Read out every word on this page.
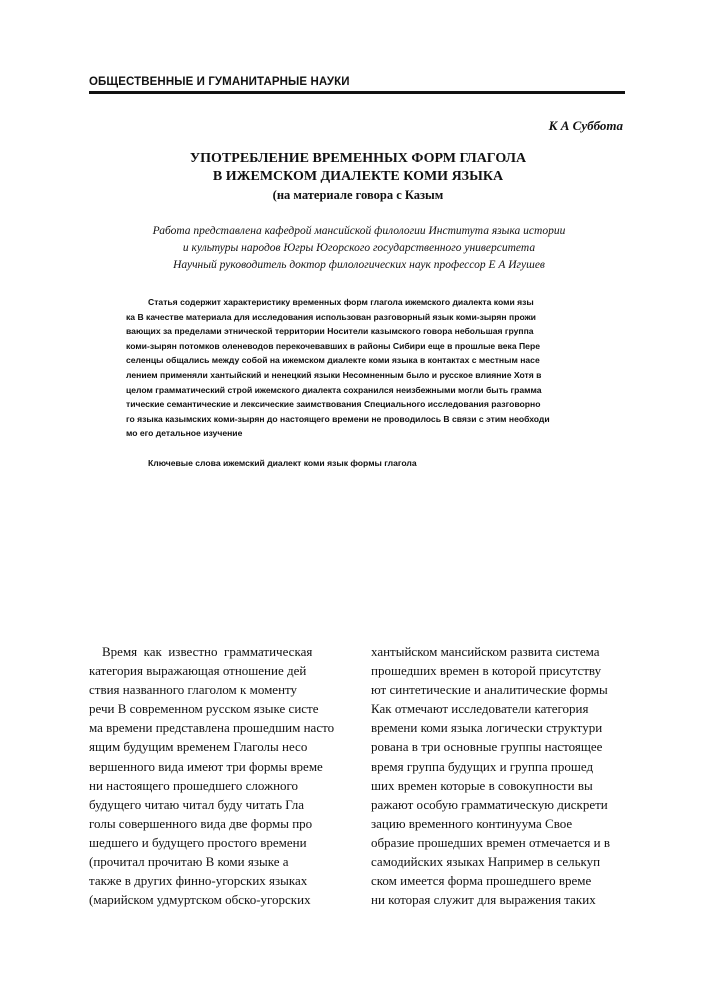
ОБЩЕСТВЕННЫЕ И ГУМАНИТАРНЫЕ НАУКИ
К А Суббота
УПОТРЕБЛЕНИЕ ВРЕМЕННЫХ ФОРМ ГЛАГОЛА
В ИЖЕМСКОМ ДИАЛЕКТЕ КОМИ ЯЗЫКА
(на материале говора с Казым
Работа представлена кафедрой мансийской филологии Института языка истории
и культуры народов Югры Югорского государственного университета
Научный руководитель доктор филологических наук профессор Е А Игушев
Статья содержит характеристику временных форм глагола ижемского диалекта коми язы
ка В качестве материала для исследования использован разговорный язык коми-зырян прожи
вающих за пределами этнической территории Носители казымского говора небольшая группа
коми-зырян потомков оленеводов перекочевавших в районы Сибири еще в прошлые века Пере
селенцы общались между собой на ижемском диалекте коми языка в контактах с местным насе
лением применяли хантыйский и ненецкий языки Несомненным было и русское влияние Хотя в
целом грамматический строй ижемского диалекта сохранился неизбежными могли быть грамма
тические семантические и лексические заимствования Специального исследования разговорно
го языка казымских коми-зырян до настоящего времени не проводилось В связи с этим необходи
мо его детальное изучение
Ключевые слова ижемский диалект коми язык формы глагола
Время  как  известно  грамматическая
категория выражающая отношение дей
ствия названного глаголом к моменту
речи В современном русском языке систе
ма времени представлена прошедшим насто
ящим будущим временем Глаголы несо
вершенного вида имеют три формы време
ни настоящего прошедшего сложного
будущего читаю читал буду читать Гла
голы совершенного вида две формы про
шедшего и будущего простого времени
(прочитал прочитаю В коми языке а
также в других финно-угорских языках
(марийском удмуртском обско-угорских
хантыйском мансийском развита система
прошедших времен в которой присутству
ют синтетические и аналитические формы
Как отмечают исследователи категория
времени коми языка логически структури
рована в три основные группы настоящее
время группа будущих и группа прошед
ших времен которые в совокупности вы
ражают особую грамматическую дискрети
зацию временного континуума Свое
образие прошедших времен отмечается и в
самодийских языках Например в селькуп
ском имеется форма прошедшего време
ни которая служит для выражения таких
